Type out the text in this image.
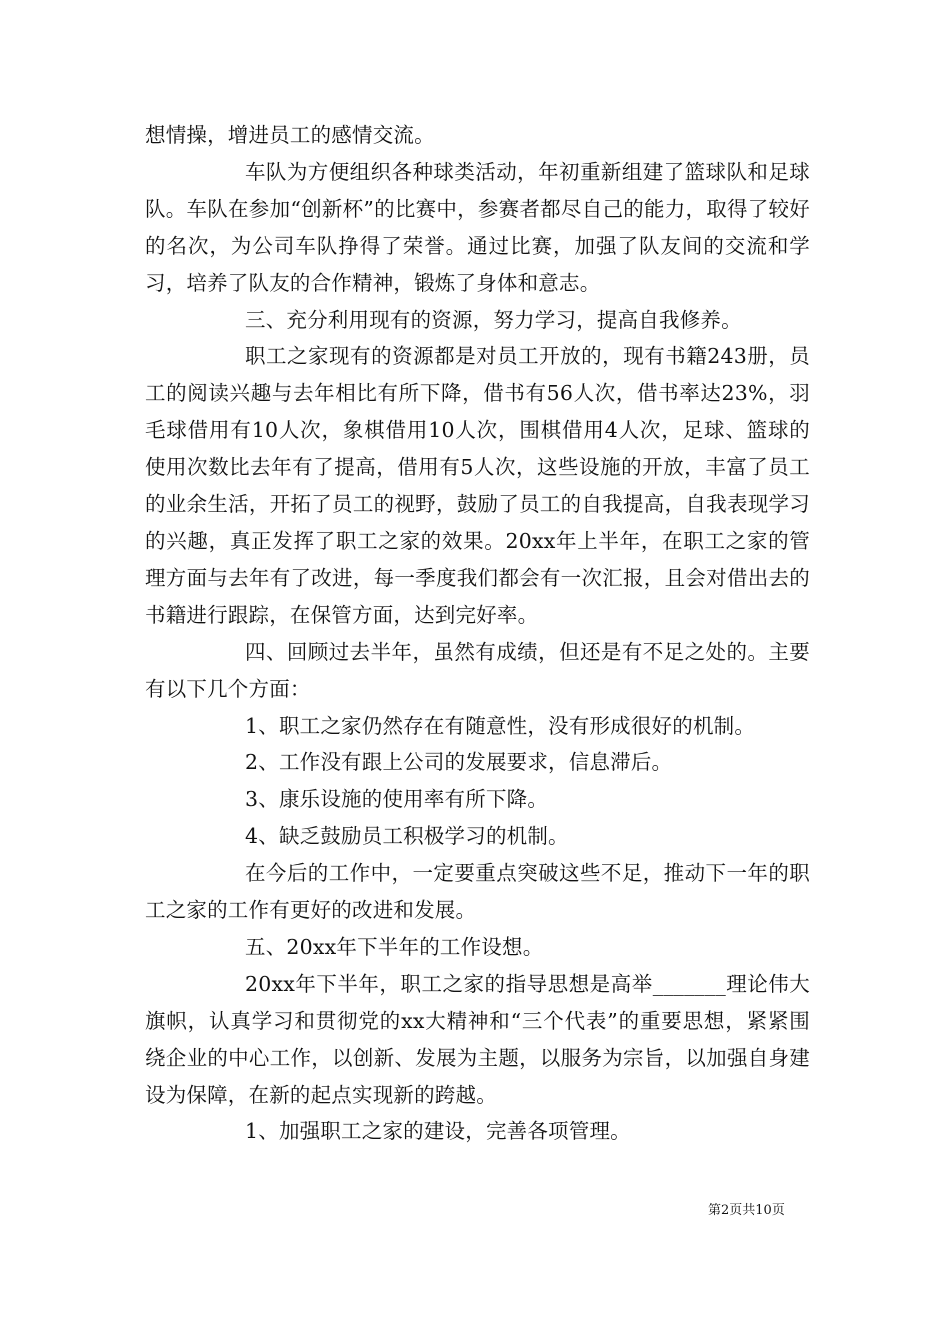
想情操，增进员工的感情交流。

车队为方便组织各种球类活动，年初重新组建了篮球队和足球队。车队在参加“创新杯”的比赛中，参赛者都尽自己的能力，取得了较好的名次，为公司车队挣得了荣誉。通过比赛，加强了队友间的交流和学习，培养了队友的合作精神，锻炼了身体和意志。

三、充分利用现有的资源，努力学习，提高自我修养。

职工之家现有的资源都是对员工开放的，现有书籍243册，员工的阅读兴趣与去年相比有所下降，借书有56人次，借书率达23%，羽毛球借用有10人次，象棋借用10人次，围棋借用4人次，足球、篮球的使用次数比去年有了提高，借用有5人次，这些设施的开放，丰富了员工的业余生活，开拓了员工的视野，鼓励了员工的自我提高，自我表现学习的兴趣，真正发挥了职工之家的效果。20xx年上半年，在职工之家的管理方面与去年有了改进，每一季度我们都会有一次汇报，且会对借出去的书籍进行跟踪，在保管方面，达到完好率。

四、回顾过去半年，虽然有成绩，但还是有不足之处的。主要有以下几个方面：

1、职工之家仍然存在有随意性，没有形成很好的机制。

2、工作没有跟上公司的发展要求，信息滞后。

3、康乐设施的使用率有所下降。

4、缺乏鼓励员工积极学习的机制。

在今后的工作中，一定要重点突破这些不足，推动下一年的职工之家的工作有更好的改进和发展。

五、20xx年下半年的工作设想。

20xx年下半年，职工之家的指导思想是高举_______理论伟大旗帜，认真学习和贯彻党的xx大精神和“三个代表”的重要思想，紧紧围绕企业的中心工作，以创新、发展为主题，以服务为宗旨，以加强自身建设为保障，在新的起点实现新的跨越。

1、加强职工之家的建设，完善各项管理。

第2页共10页
